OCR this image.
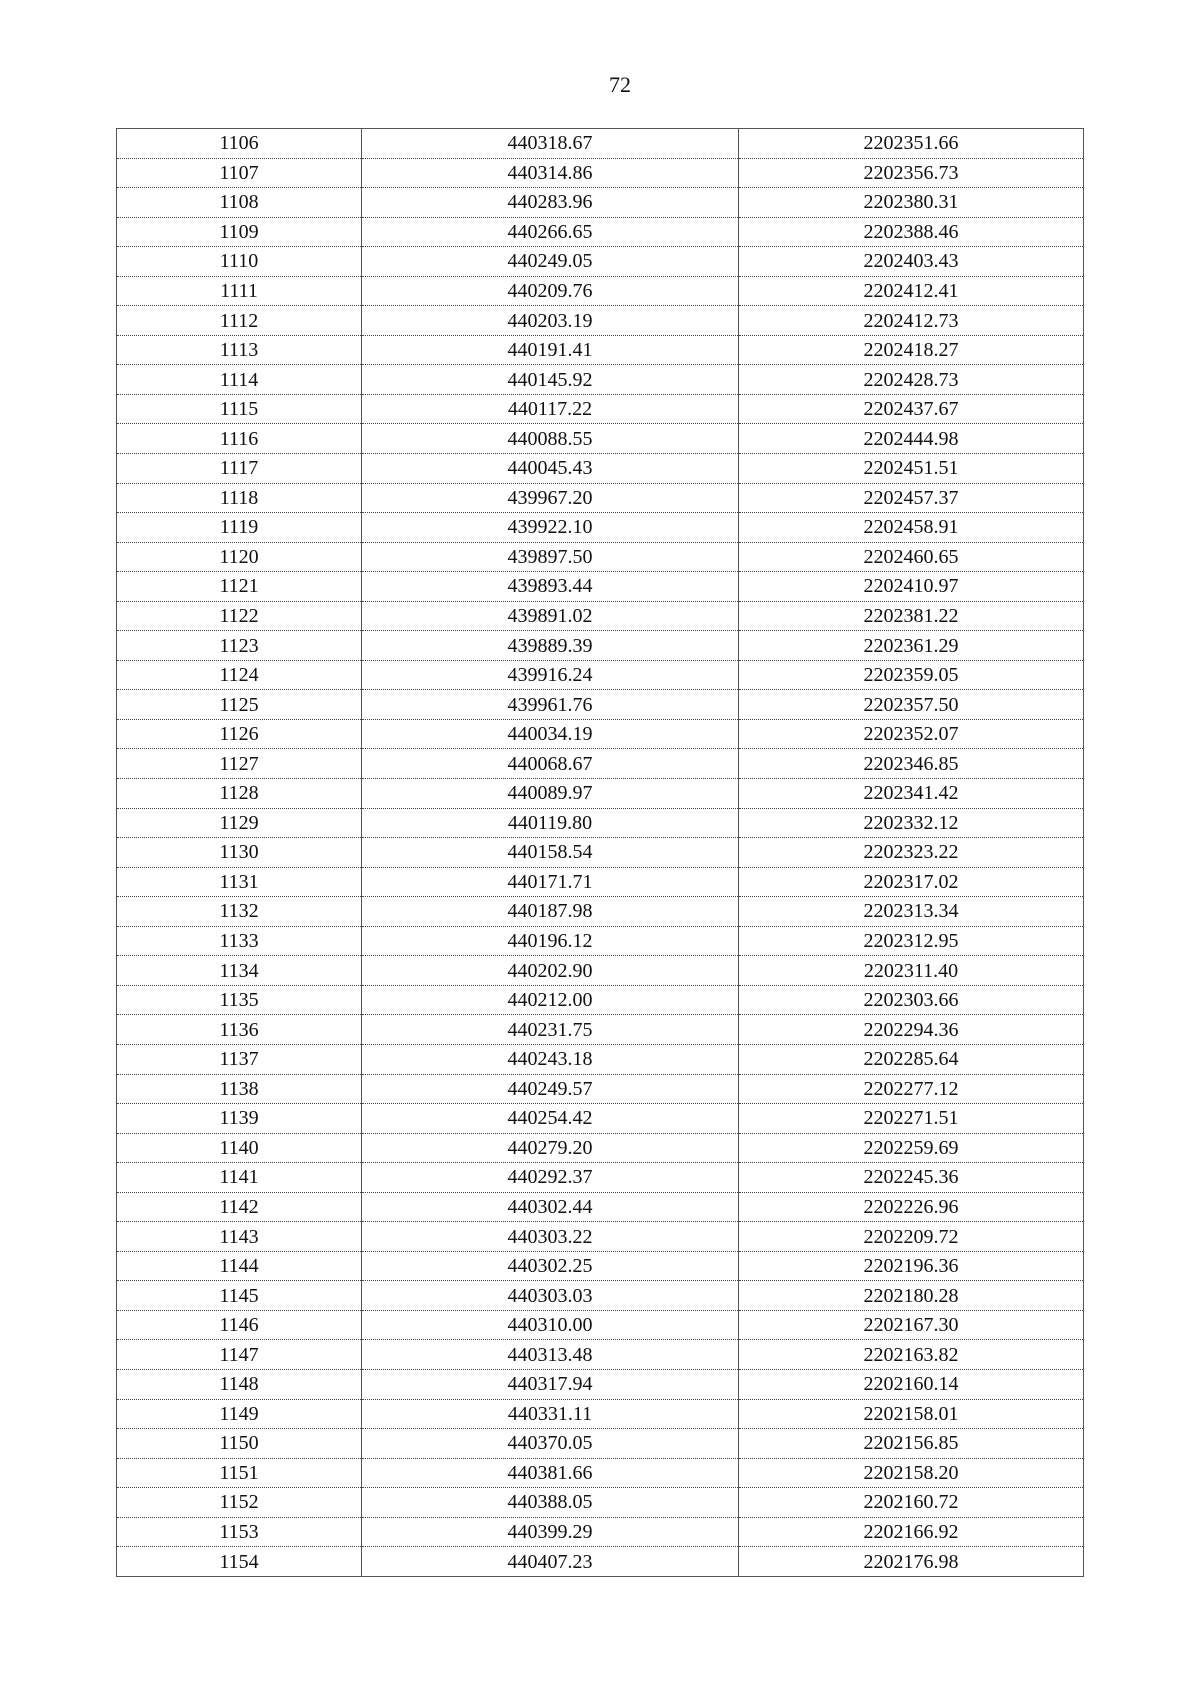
72
1106	440318.67	2202351.66
1107	440314.86	2202356.73
1108	440283.96	2202380.31
1109	440266.65	2202388.46
1110	440249.05	2202403.43
1111	440209.76	2202412.41
1112	440203.19	2202412.73
1113	440191.41	2202418.27
1114	440145.92	2202428.73
1115	440117.22	2202437.67
1116	440088.55	2202444.98
1117	440045.43	2202451.51
1118	439967.20	2202457.37
1119	439922.10	2202458.91
1120	439897.50	2202460.65
1121	439893.44	2202410.97
1122	439891.02	2202381.22
1123	439889.39	2202361.29
1124	439916.24	2202359.05
1125	439961.76	2202357.50
1126	440034.19	2202352.07
1127	440068.67	2202346.85
1128	440089.97	2202341.42
1129	440119.80	2202332.12
1130	440158.54	2202323.22
1131	440171.71	2202317.02
1132	440187.98	2202313.34
1133	440196.12	2202312.95
1134	440202.90	2202311.40
1135	440212.00	2202303.66
1136	440231.75	2202294.36
1137	440243.18	2202285.64
1138	440249.57	2202277.12
1139	440254.42	2202271.51
1140	440279.20	2202259.69
1141	440292.37	2202245.36
1142	440302.44	2202226.96
1143	440303.22	2202209.72
1144	440302.25	2202196.36
1145	440303.03	2202180.28
1146	440310.00	2202167.30
1147	440313.48	2202163.82
1148	440317.94	2202160.14
1149	440331.11	2202158.01
1150	440370.05	2202156.85
1151	440381.66	2202158.20
1152	440388.05	2202160.72
1153	440399.29	2202166.92
1154	440407.23	2202176.98
